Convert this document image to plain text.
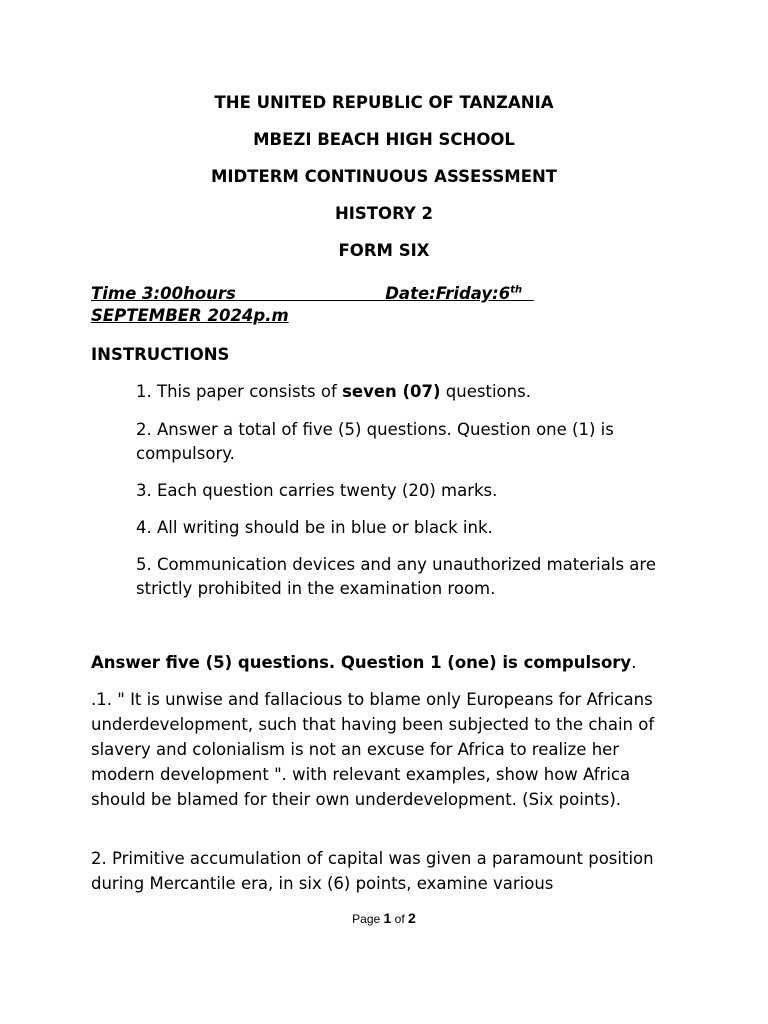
THE UNITED REPUBLIC OF TANZANIA
MBEZI BEACH HIGH SCHOOL
MIDTERM CONTINUOUS ASSESSMENT
HISTORY 2
FORM SIX
Time 3:00hours	Date:Friday:6th
SEPTEMBER 2024p.m
INSTRUCTIONS
1. This paper consists of seven (07) questions.
2. Answer a total of five (5) questions. Question one (1) is compulsory.
3. Each question carries twenty (20) marks.
4. All writing should be in blue or black ink.
5. Communication devices and any unauthorized materials are strictly prohibited in the examination room.
Answer five (5) questions. Question 1 (one) is compulsory.
.1. " It is unwise and fallacious to blame only Europeans for Africans underdevelopment, such that having been subjected to the chain of slavery and colonialism is not an excuse for Africa to realize her modern development ". with relevant examples, show how Africa should be blamed for their own underdevelopment. (Six points).
2. Primitive accumulation of capital was given a paramount position during Mercantile era, in six (6) points, examine various
Page 1 of 2
